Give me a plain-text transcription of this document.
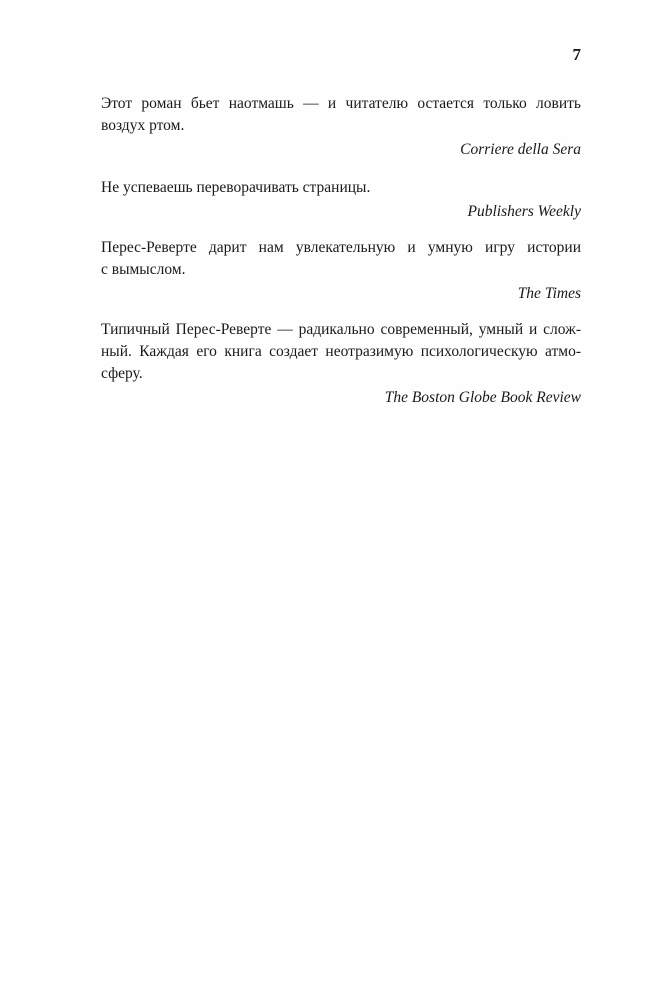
7

Этот роман бьет наотмашь — и читателю остается только ловить
воздух ртом.

Corriere della Sera

Не успеваешь переворачивать страницы.

Publishers Weekly

Перес-Реверте дарит нам увлекательную и умную игру истории
с вымыслом.

The Times

Типичный Перес-Реверте — радикально современный, умный и слож-
ный. Каждая его книга создает неотразимую психологическую атмо-
сферу.

The Boston Globe Book Review
